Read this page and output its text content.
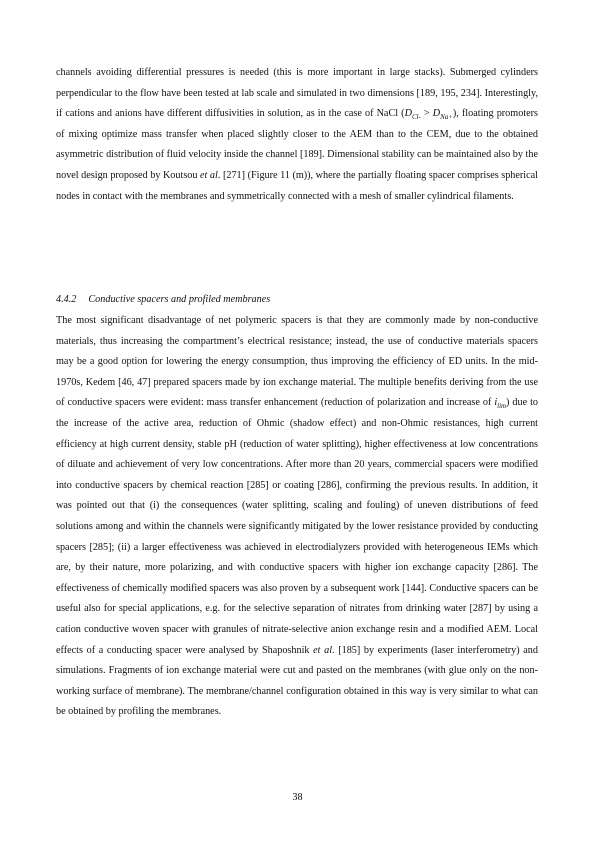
channels avoiding differential pressures is needed (this is more important in large stacks). Submerged cylinders perpendicular to the flow have been tested at lab scale and simulated in two dimensions [189, 195, 234]. Interestingly, if cations and anions have different diffusivities in solution, as in the case of NaCl $(D_{Cl-} > D_{Na+})$, floating promoters of mixing optimize mass transfer when placed slightly closer to the AEM than to the CEM, due to the obtained asymmetric distribution of fluid velocity inside the channel [189]. Dimensional stability can be maintained also by the novel design proposed by Koutsou et al. [271] (Figure 11 (m)), where the partially floating spacer comprises spherical nodes in contact with the membranes and symmetrically connected with a mesh of smaller cylindrical filaments.

4.4.2 Conductive spacers and profiled membranes

The most significant disadvantage of net polymeric spacers is that they are commonly made by non-conductive materials, thus increasing the compartment’s electrical resistance; instead, the use of conductive materials spacers may be a good option for lowering the energy consumption, thus improving the efficiency of ED units. In the mid-1970s, Kedem [46, 47] prepared spacers made by ion exchange material. The multiple benefits deriving from the use of conductive spacers were evident: mass transfer enhancement (reduction of polarization and increase of $i_{lim}$) due to the increase of the active area, reduction of Ohmic (shadow effect) and non-Ohmic resistances, high current efficiency at high current density, stable pH (reduction of water splitting), higher effectiveness at low concentrations of diluate and achievement of very low concentrations. After more than 20 years, commercial spacers were modified into conductive spacers by chemical reaction [285] or coating [286], confirming the previous results. In addition, it was pointed out that (i) the consequences (water splitting, scaling and fouling) of uneven distributions of feed solutions among and within the channels were significantly mitigated by the lower resistance provided by conducting spacers [285]; (ii) a larger effectiveness was achieved in electrodialyzers provided with heterogeneous IEMs which are, by their nature, more polarizing, and with conductive spacers with higher ion exchange capacity [286]. The effectiveness of chemically modified spacers was also proven by a subsequent work [144]. Conductive spacers can be useful also for special applications, e.g. for the selective separation of nitrates from drinking water [287] by using a cation conductive woven spacer with granules of nitrate-selective anion exchange resin and a modified AEM. Local effects of a conducting spacer were analysed by Shaposhnik et al. [185] by experiments (laser interferometry) and simulations. Fragments of ion exchange material were cut and pasted on the membranes (with glue only on the non-working surface of membrane). The membrane/channel configuration obtained in this way is very similar to what can be obtained by profiling the membranes.

38
